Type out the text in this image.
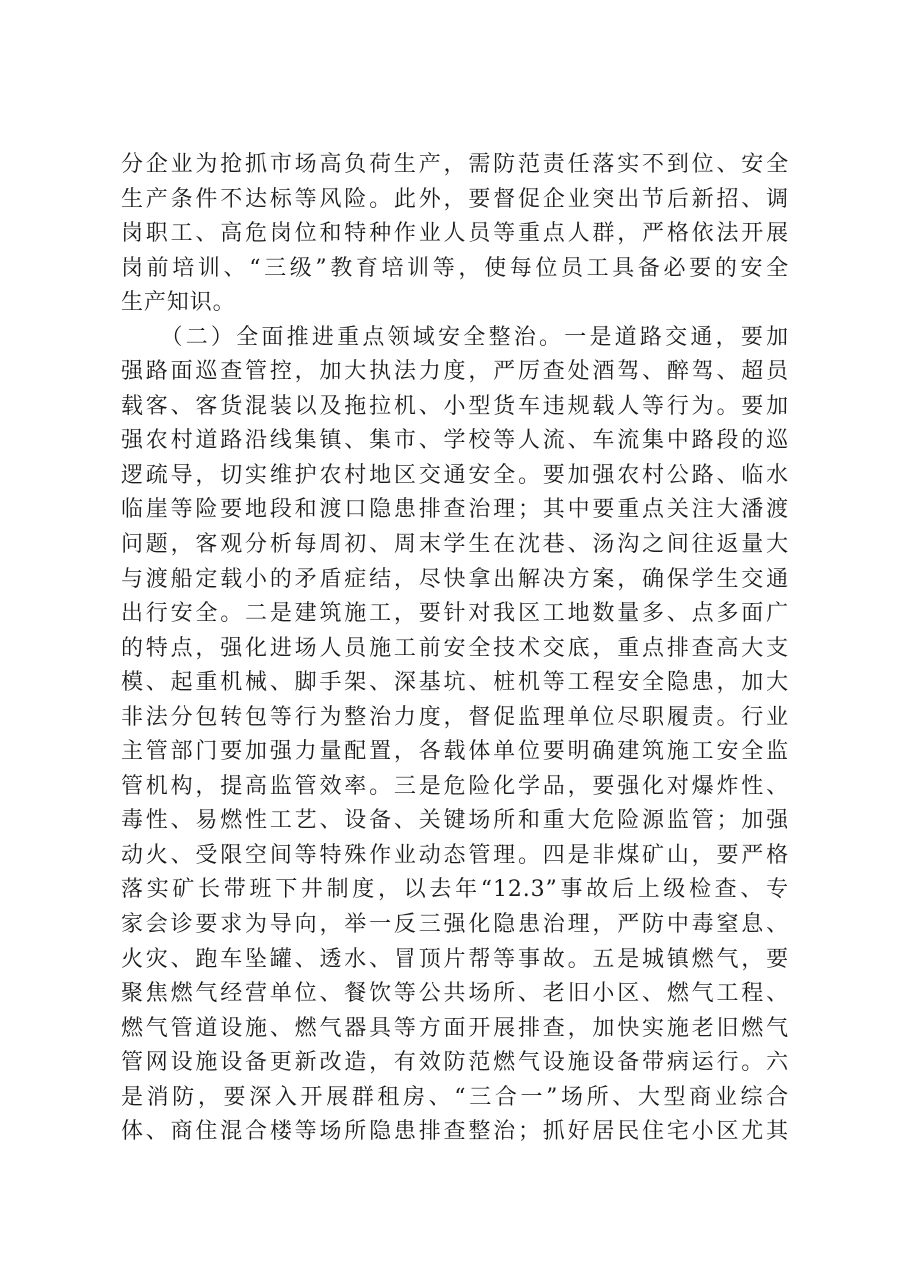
分企业为抢抓市场高负荷生产，需防范责任落实不到位、安全
生产条件不达标等风险。此外，要督促企业突出节后新招、调
岗职工、高危岗位和特种作业人员等重点人群，严格依法开展
岗前培训、“三级”教育培训等，使每位员工具备必要的安全
生产知识。
　　（二）全面推进重点领域安全整治。一是道路交通，要加
强路面巡查管控，加大执法力度，严厉查处酒驾、醉驾、超员
载客、客货混装以及拖拉机、小型货车违规载人等行为。要加
强农村道路沿线集镇、集市、学校等人流、车流集中路段的巡
逻疏导，切实维护农村地区交通安全。要加强农村公路、临水
临崖等险要地段和渡口隐患排查治理；其中要重点关注大潘渡
问题，客观分析每周初、周末学生在沈巷、汤沟之间往返量大
与渡船定载小的矛盾症结，尽快拿出解决方案，确保学生交通
出行安全。二是建筑施工，要针对我区工地数量多、点多面广
的特点，强化进场人员施工前安全技术交底，重点排查高大支
模、起重机械、脚手架、深基坑、桩机等工程安全隐患，加大
非法分包转包等行为整治力度，督促监理单位尽职履责。行业
主管部门要加强力量配置，各载体单位要明确建筑施工安全监
管机构，提高监管效率。三是危险化学品，要强化对爆炸性、
毒性、易燃性工艺、设备、关键场所和重大危险源监管；加强
动火、受限空间等特殊作业动态管理。四是非煤矿山，要严格
落实矿长带班下井制度，以去年“12.3”事故后上级检查、专
家会诊要求为导向，举一反三强化隐患治理，严防中毒窒息、
火灾、跑车坠罐、透水、冒顶片帮等事故。五是城镇燃气，要
聚焦燃气经营单位、餐饮等公共场所、老旧小区、燃气工程、
燃气管道设施、燃气器具等方面开展排查，加快实施老旧燃气
管网设施设备更新改造，有效防范燃气设施设备带病运行。六
是消防，要深入开展群租房、“三合一”场所、大型商业综合
体、商住混合楼等场所隐患排查整治；抓好居民住宅小区尤其
